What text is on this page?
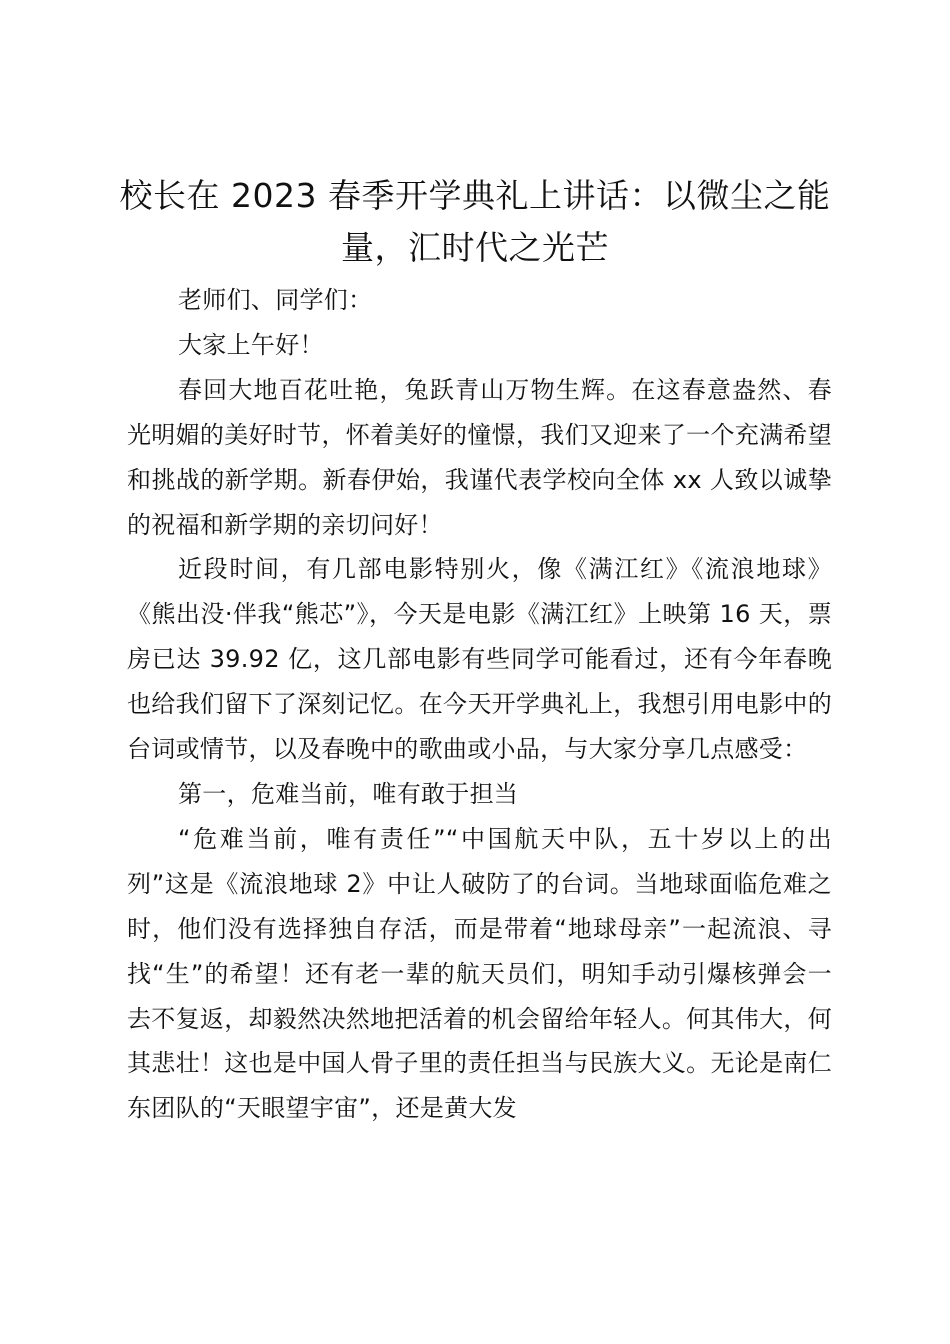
校长在 2023 春季开学典礼上讲话：以微尘之能量，汇时代之光芒

老师们、同学们：

大家上午好！

春回大地百花吐艳，兔跃青山万物生辉。在这春意盎然、春光明媚的美好时节，怀着美好的憧憬，我们又迎来了一个充满希望和挑战的新学期。新春伊始，我谨代表学校向全体 xx 人致以诚挚的祝福和新学期的亲切问好！

近段时间，有几部电影特别火，像《满江红》《流浪地球》《熊出没·伴我“熊芯”》，今天是电影《满江红》上映第 16 天，票房已达 39.92 亿，这几部电影有些同学可能看过，还有今年春晚也给我们留下了深刻记忆。在今天开学典礼上，我想引用电影中的台词或情节，以及春晚中的歌曲或小品，与大家分享几点感受：

第一，危难当前，唯有敢于担当

“危难当前，唯有责任”“中国航天中队，五十岁以上的出列”这是《流浪地球 2》中让人破防了的台词。当地球面临危难之时，他们没有选择独自存活，而是带着“地球母亲”一起流浪、寻找“生”的希望！还有老一辈的航天员们，明知手动引爆核弹会一去不复返，却毅然决然地把活着的机会留给年轻人。何其伟大，何其悲壮！这也是中国人骨子里的责任担当与民族大义。无论是南仁东团队的“天眼望宇宙”，还是黄大发
